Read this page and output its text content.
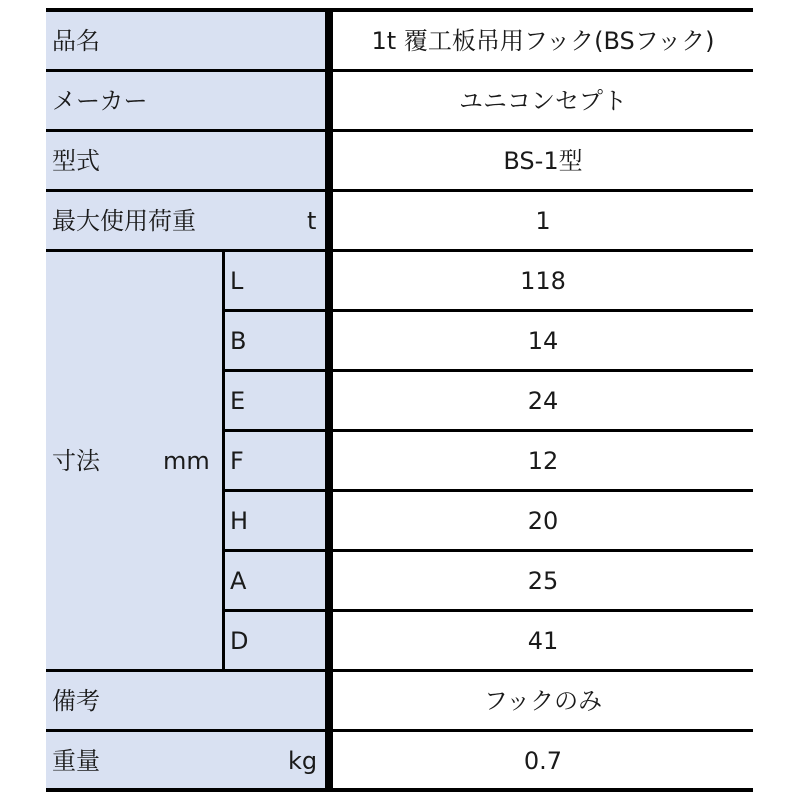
品名	1t 覆工板吊用フック(BSフック)
メーカー	ユニコンセプト
型式	BS-1型
最大使用荷重	t	1
寸法	mm
L	118
B	14
E	24
F	12
H	20
A	25
D	41
備考	フックのみ
重量	kg	0.7
